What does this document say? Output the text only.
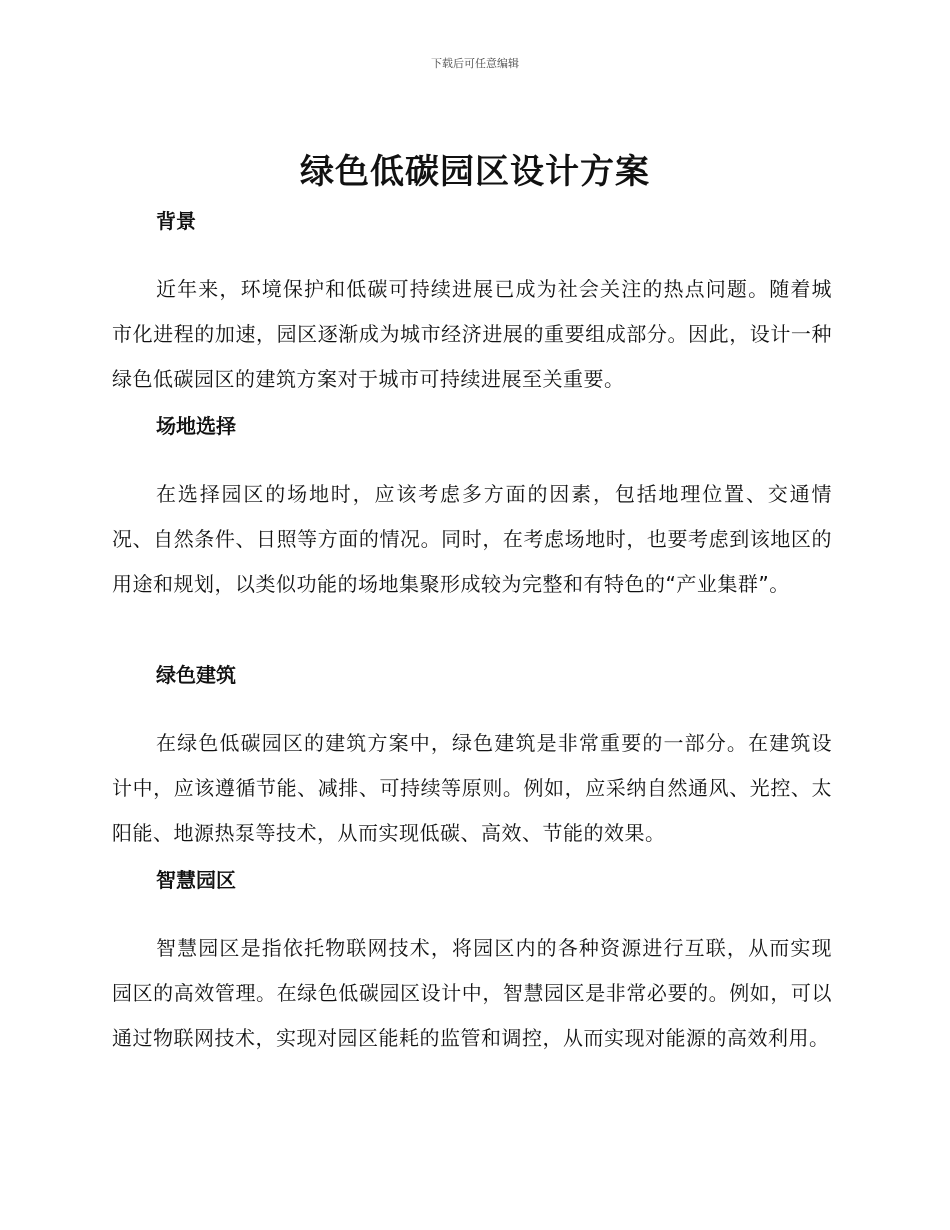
下载后可任意编辑
绿色低碳园区设计方案
背景

近年来，环境保护和低碳可持续进展已成为社会关注的热点问题。随着城市化进程的加速，园区逐渐成为城市经济进展的重要组成部分。因此，设计一种绿色低碳园区的建筑方案对于城市可持续进展至关重要。

场地选择

在选择园区的场地时，应该考虑多方面的因素，包括地理位置、交通情况、自然条件、日照等方面的情况。同时，在考虑场地时，也要考虑到该地区的用途和规划，以类似功能的场地集聚形成较为完整和有特色的“产业集群”。

绿色建筑

在绿色低碳园区的建筑方案中，绿色建筑是非常重要的一部分。在建筑设计中，应该遵循节能、减排、可持续等原则。例如，应采纳自然通风、光控、太阳能、地源热泵等技术，从而实现低碳、高效、节能的效果。

智慧园区

智慧园区是指依托物联网技术，将园区内的各种资源进行互联，从而实现园区的高效管理。在绿色低碳园区设计中，智慧园区是非常必要的。例如，可以通过物联网技术，实现对园区能耗的监管和调控，从而实现对能源的高效利用。
